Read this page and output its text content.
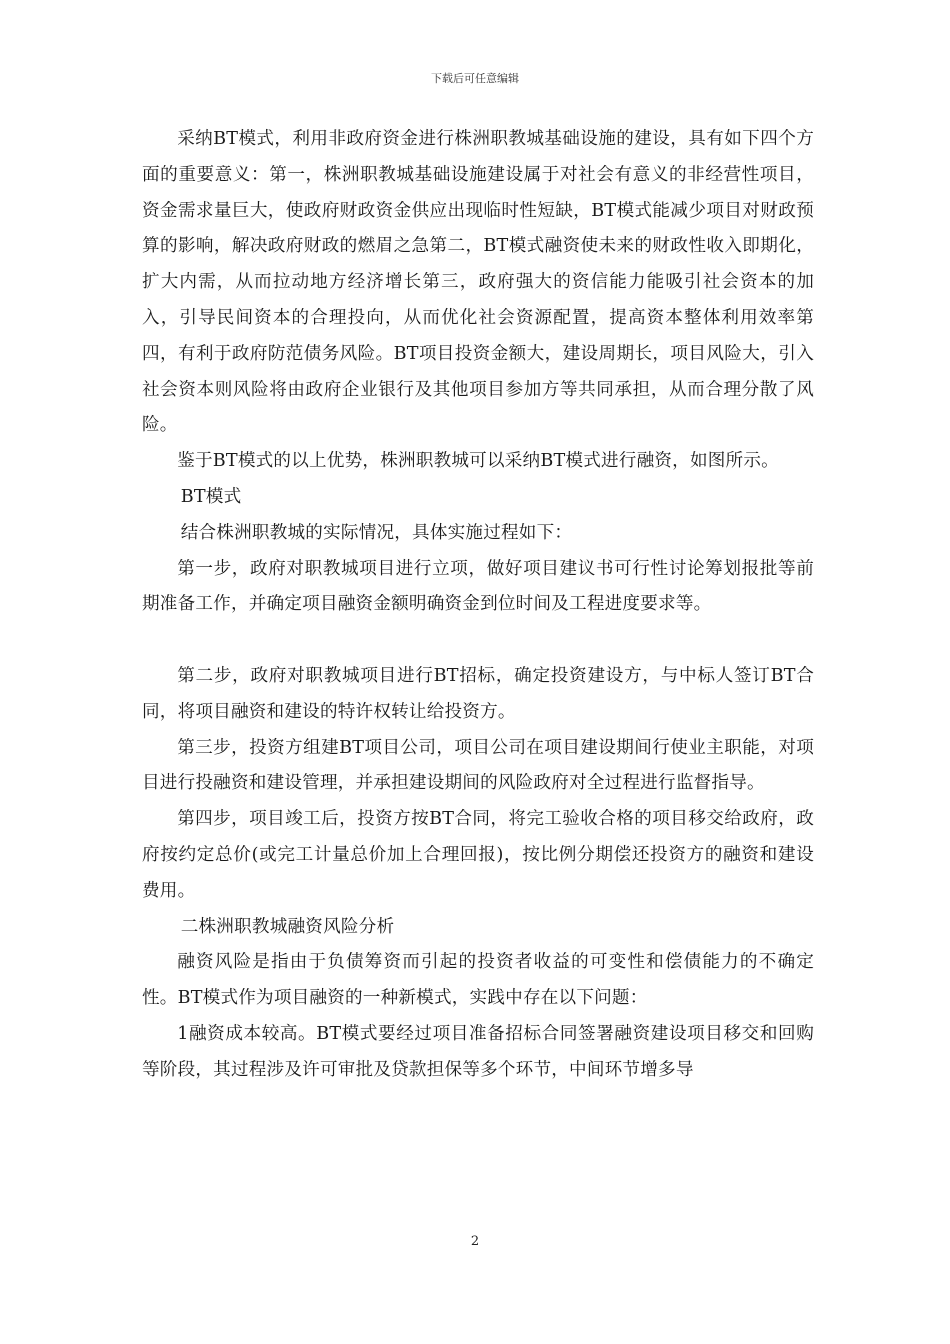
下载后可任意编辑

采纳BT模式，利用非政府资金进行株洲职教城基础设施的建设，具有如下四个方面的重要意义：第一，株洲职教城基础设施建设属于对社会有意义的非经营性项目，资金需求量巨大，使政府财政资金供应出现临时性短缺，BT模式能减少项目对财政预算的影响，解决政府财政的燃眉之急第二，BT模式融资使未来的财政性收入即期化，扩大内需，从而拉动地方经济增长第三，政府强大的资信能力能吸引社会资本的加入，引导民间资本的合理投向，从而优化社会资源配置，提高资本整体利用效率第四，有利于政府防范债务风险。BT项目投资金额大，建设周期长，项目风险大，引入社会资本则风险将由政府企业银行及其他项目参加方等共同承担，从而合理分散了风险。

鉴于BT模式的以上优势，株洲职教城可以采纳BT模式进行融资，如图所示。

BT模式

结合株洲职教城的实际情况，具体实施过程如下：

第一步，政府对职教城项目进行立项，做好项目建议书可行性讨论筹划报批等前期准备工作，并确定项目融资金额明确资金到位时间及工程进度要求等。

第二步，政府对职教城项目进行BT招标，确定投资建设方，与中标人签订BT合同，将项目融资和建设的特许权转让给投资方。

第三步，投资方组建BT项目公司，项目公司在项目建设期间行使业主职能，对项目进行投融资和建设管理，并承担建设期间的风险政府对全过程进行监督指导。

第四步，项目竣工后，投资方按BT合同，将完工验收合格的项目移交给政府，政府按约定总价(或完工计量总价加上合理回报)，按比例分期偿还投资方的融资和建设费用。

二株洲职教城融资风险分析

融资风险是指由于负债筹资而引起的投资者收益的可变性和偿债能力的不确定性。BT模式作为项目融资的一种新模式，实践中存在以下问题：

1融资成本较高。BT模式要经过项目准备招标合同签署融资建设项目移交和回购等阶段，其过程涉及许可审批及贷款担保等多个环节，中间环节增多导

2
